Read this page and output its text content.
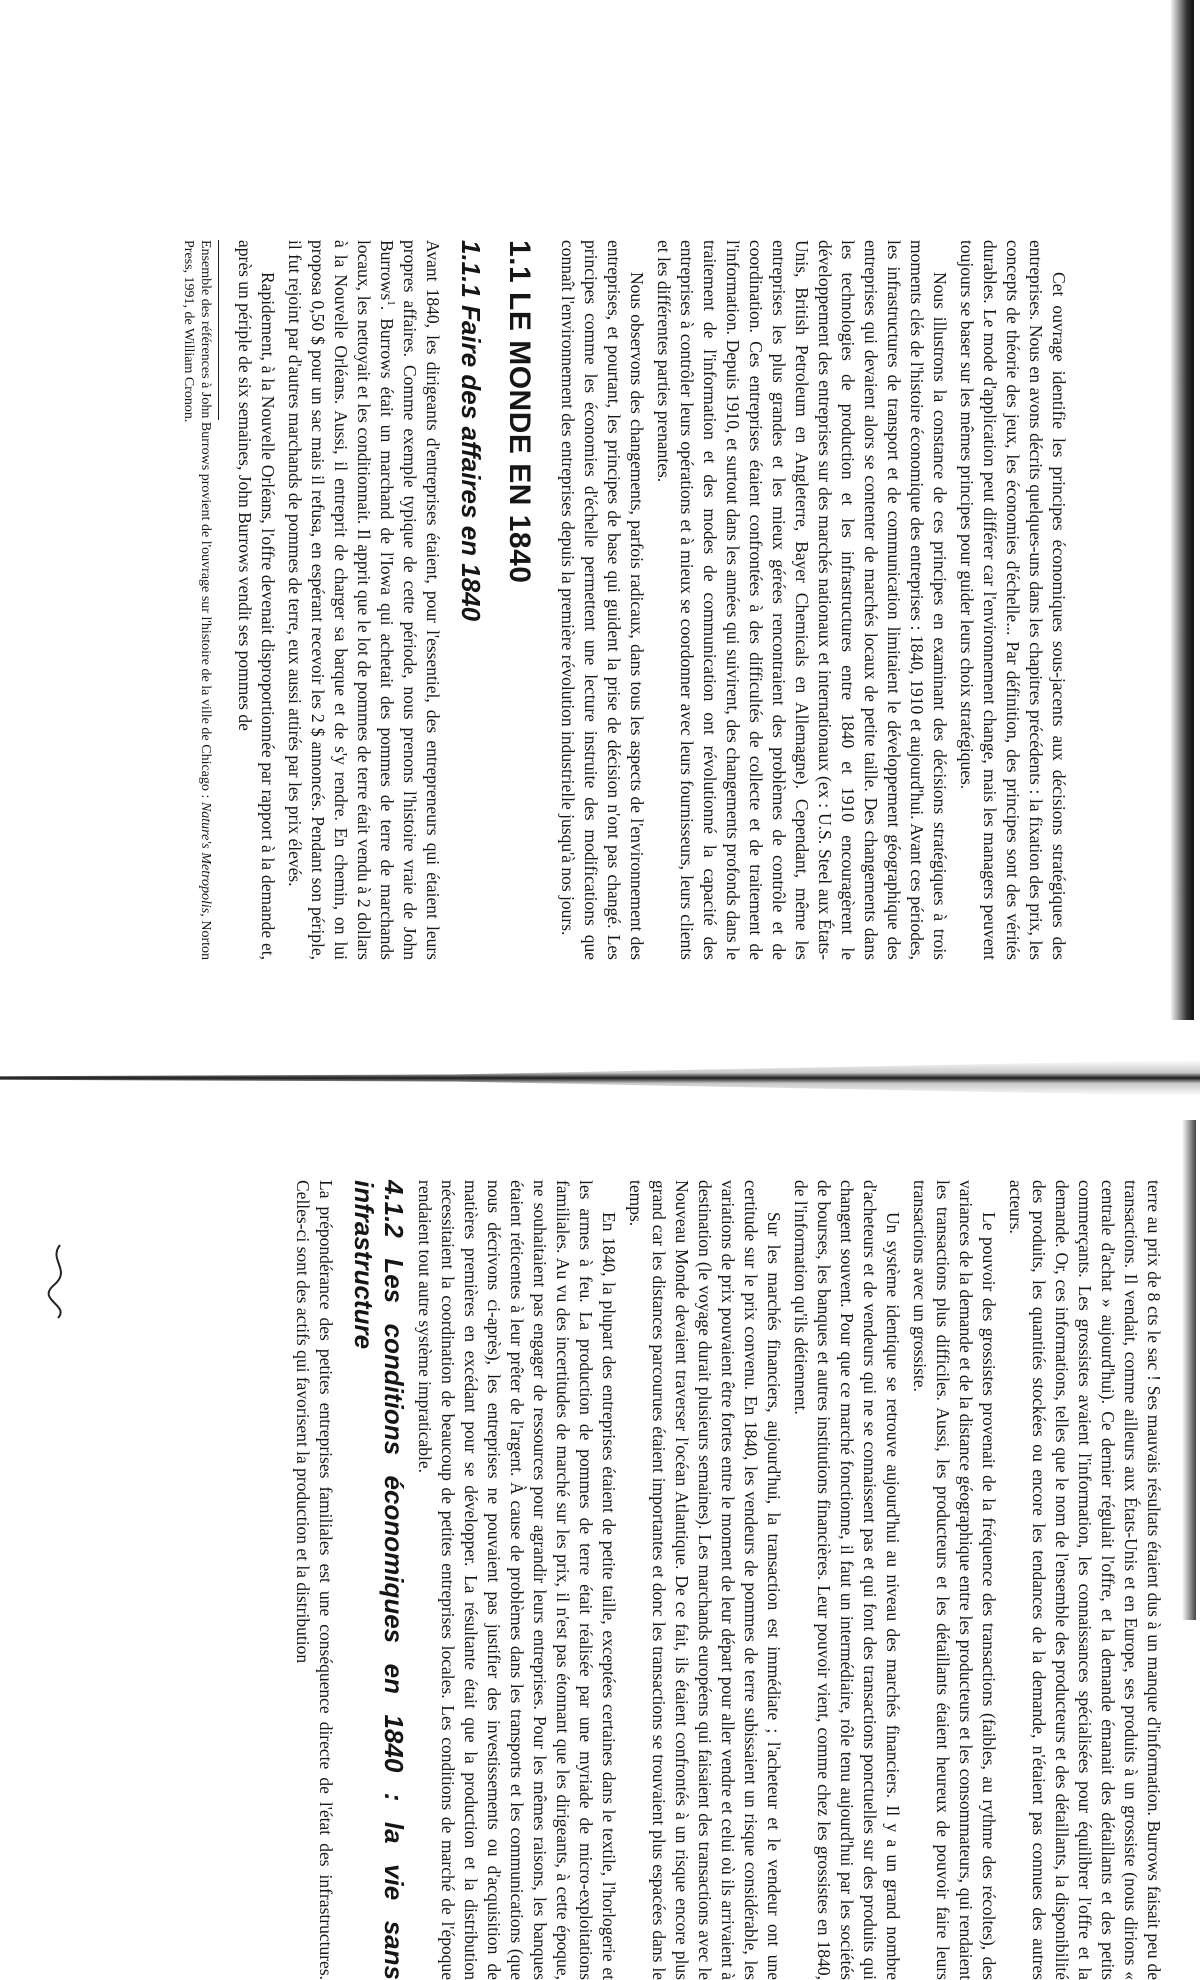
Cet ouvrage identifie les principes économiques sous-jacents aux décisions stratégiques des entreprises. Nous en avons décrits quelques-uns dans les chapitres précédents : la fixation des prix, les concepts de théorie des jeux, les économies d'échelle... Par définition, des principes sont des vérités durables. Le mode d'application peut différer car l'environnement change, mais les managers peuvent toujours se baser sur les mêmes principes pour guider leurs choix stratégiques.

Nous illustrons la constance de ces principes en examinant des décisions stratégiques à trois moments clés de l'histoire économique des entreprises : 1840, 1910 et aujourd'hui. Avant ces périodes, les infrastructures de transport et de communication limitaient le développement géographique des entreprises qui devaient alors se contenter de marchés locaux de petite taille. Des changements dans les technologies de production et les infrastructures entre 1840 et 1910 encouragèrent le développement des entreprises sur des marchés nationaux et internationaux (ex : U.S. Steel aux États-Unis, British Petroleum en Angleterre, Bayer Chemicals en Allemagne). Cependant, même les entreprises les plus grandes et les mieux gérées rencontraient des problèmes de contrôle et de coordination. Ces entreprises étaient confrontées à des difficultés de collecte et de traitement de l'information. Depuis 1910, et surtout dans les années qui suivirent, des changements profonds dans le traitement de l'information et des modes de communication ont révolutionné la capacité des entreprises à contrôler leurs opérations et à mieux se coordonner avec leurs fournisseurs, leurs clients et les différentes parties prenantes.

Nous observons des changements, parfois radicaux, dans tous les aspects de l'environnement des entreprises, et pourtant, les principes de base qui guident la prise de décision n'ont pas changé. Les principes comme les économies d'échelle permettent une lecture instruite des modifications que connaît l'environnement des entreprises depuis la première révolution industrielle jusqu'à nos jours.

1.1 LE MONDE EN 1840
1.1.1 Faire des affaires en 1840

Avant 1840, les dirigeants d'entreprises étaient, pour l'essentiel, des entrepreneurs qui étaient leurs propres affaires. Comme exemple typique de cette période, nous prenons l'histoire vraie de John Burrows$^1$. Burrows était un marchand de l'Iowa qui achetait des pommes de terre de marchands locaux, les nettoyait et les conditionnait. Il apprit que le lot de pommes de terre était vendu à 2 dollars à la Nouvelle Orléans. Aussi, il entreprit de charger sa barque et de s'y rendre. En chemin, on lui proposa 0,50 $ pour un sac mais il refusa, en espérant recevoir les 2 $ annoncés. Pendant son périple, il fut rejoint par d'autres marchands de pommes de terre, eux aussi attirés par les prix élevés.

Rapidement, à la Nouvelle Orléans, l'offre devenait disproportionnée par rapport à la demande et, après un périple de six semaines, John Burrows vendit ses pommes de

Ensemble des références à John Burrows provient de l'ouvrage sur l'histoire de la ville de Chicago : Nature's Metropolis, Norton Press, 1991, de William Cronon.

terre au prix de 8 cts le sac ! Ses mauvais résultats étaient dus à un manque d'information. Burrows faisait peu de transactions. Il vendait, comme ailleurs aux États-Unis et en Europe, ses produits à un grossiste (nous dirions « centrale d'achat » aujourd'hui). Ce dernier régulait l'offre, et la demande émanait des détaillants et des petits commerçants. Les grossistes avaient l'information, les connaissances spécialisées pour équilibrer l'offre et la demande. Or, ces informations, telles que le nom de l'ensemble des producteurs et des détaillants, la disponibilité des produits, les quantités stockées ou encore les tendances de la demande, n'étaient pas connues des autres acteurs.

Le pouvoir des grossistes provenait de la fréquence des transactions (faibles, au rythme des récoltes), des variances de la demande et de la distance géographique entre les producteurs et les consommateurs, qui rendaient les transactions plus difficiles. Aussi, les producteurs et les détaillants étaient heureux de pouvoir faire leurs transactions avec un grossiste.

Un système identique se retrouve aujourd'hui au niveau des marchés financiers. Il y a un grand nombre d'acheteurs et de vendeurs qui ne se connaissent pas et qui font des transactions ponctuelles sur des produits qui changent souvent. Pour que ce marché fonctionne, il faut un intermédiaire, rôle tenu aujourd'hui par les sociétés de bourses, les banques et autres institutions financières. Leur pouvoir vient, comme chez les grossistes en 1840, de l'information qu'ils détiennent.

Sur les marchés financiers, aujourd'hui, la transaction est immédiate ; l'acheteur et le vendeur ont une certitude sur le prix convenu. En 1840, les vendeurs de pommes de terre subissaient un risque considérable, les variations de prix pouvaient être fortes entre le moment de leur départ pour aller vendre et celui où ils arrivaient à destination (le voyage durait plusieurs semaines). Les marchands européens qui faisaient des transactions avec le Nouveau Monde devaient traverser l'océan Atlantique. De ce fait, ils étaient confrontés à un risque encore plus grand car les distances parcourues étaient importantes et donc les transactions se trouvaient plus espacées dans le temps.

En 1840, la plupart des entreprises étaient de petite taille, exceptées certaines dans le textile, l'horlogerie et les armes à feu. La production de pommes de terre était réalisée par une myriade de micro-exploitations familiales. Au vu des incertitudes de marché sur les prix, il n'est pas étonnant que les dirigeants, à cette époque, ne souhaitaient pas engager de ressources pour agrandir leurs entreprises. Pour les mêmes raisons, les banques étaient réticentes à leur prêter de l'argent. À cause de problèmes dans les transports et les communications (que nous décrivons ci-après), les entreprises ne pouvaient pas justifier des investissements ou d'acquisition de matières premières en excédant pour se développer. La résultante était que la production et la distribution nécessitaient la coordination de beaucoup de petites entreprises locales. Les conditions de marché de l'époque rendaient tout autre système impraticable.

4.1.2 Les conditions économiques en 1840 : la vie sans infrastructure

La prépondérance des petites entreprises familiales est une conséquence directe de l'état des infrastructures. Celles-ci sont des actifs qui favorisent la production et la distribution
